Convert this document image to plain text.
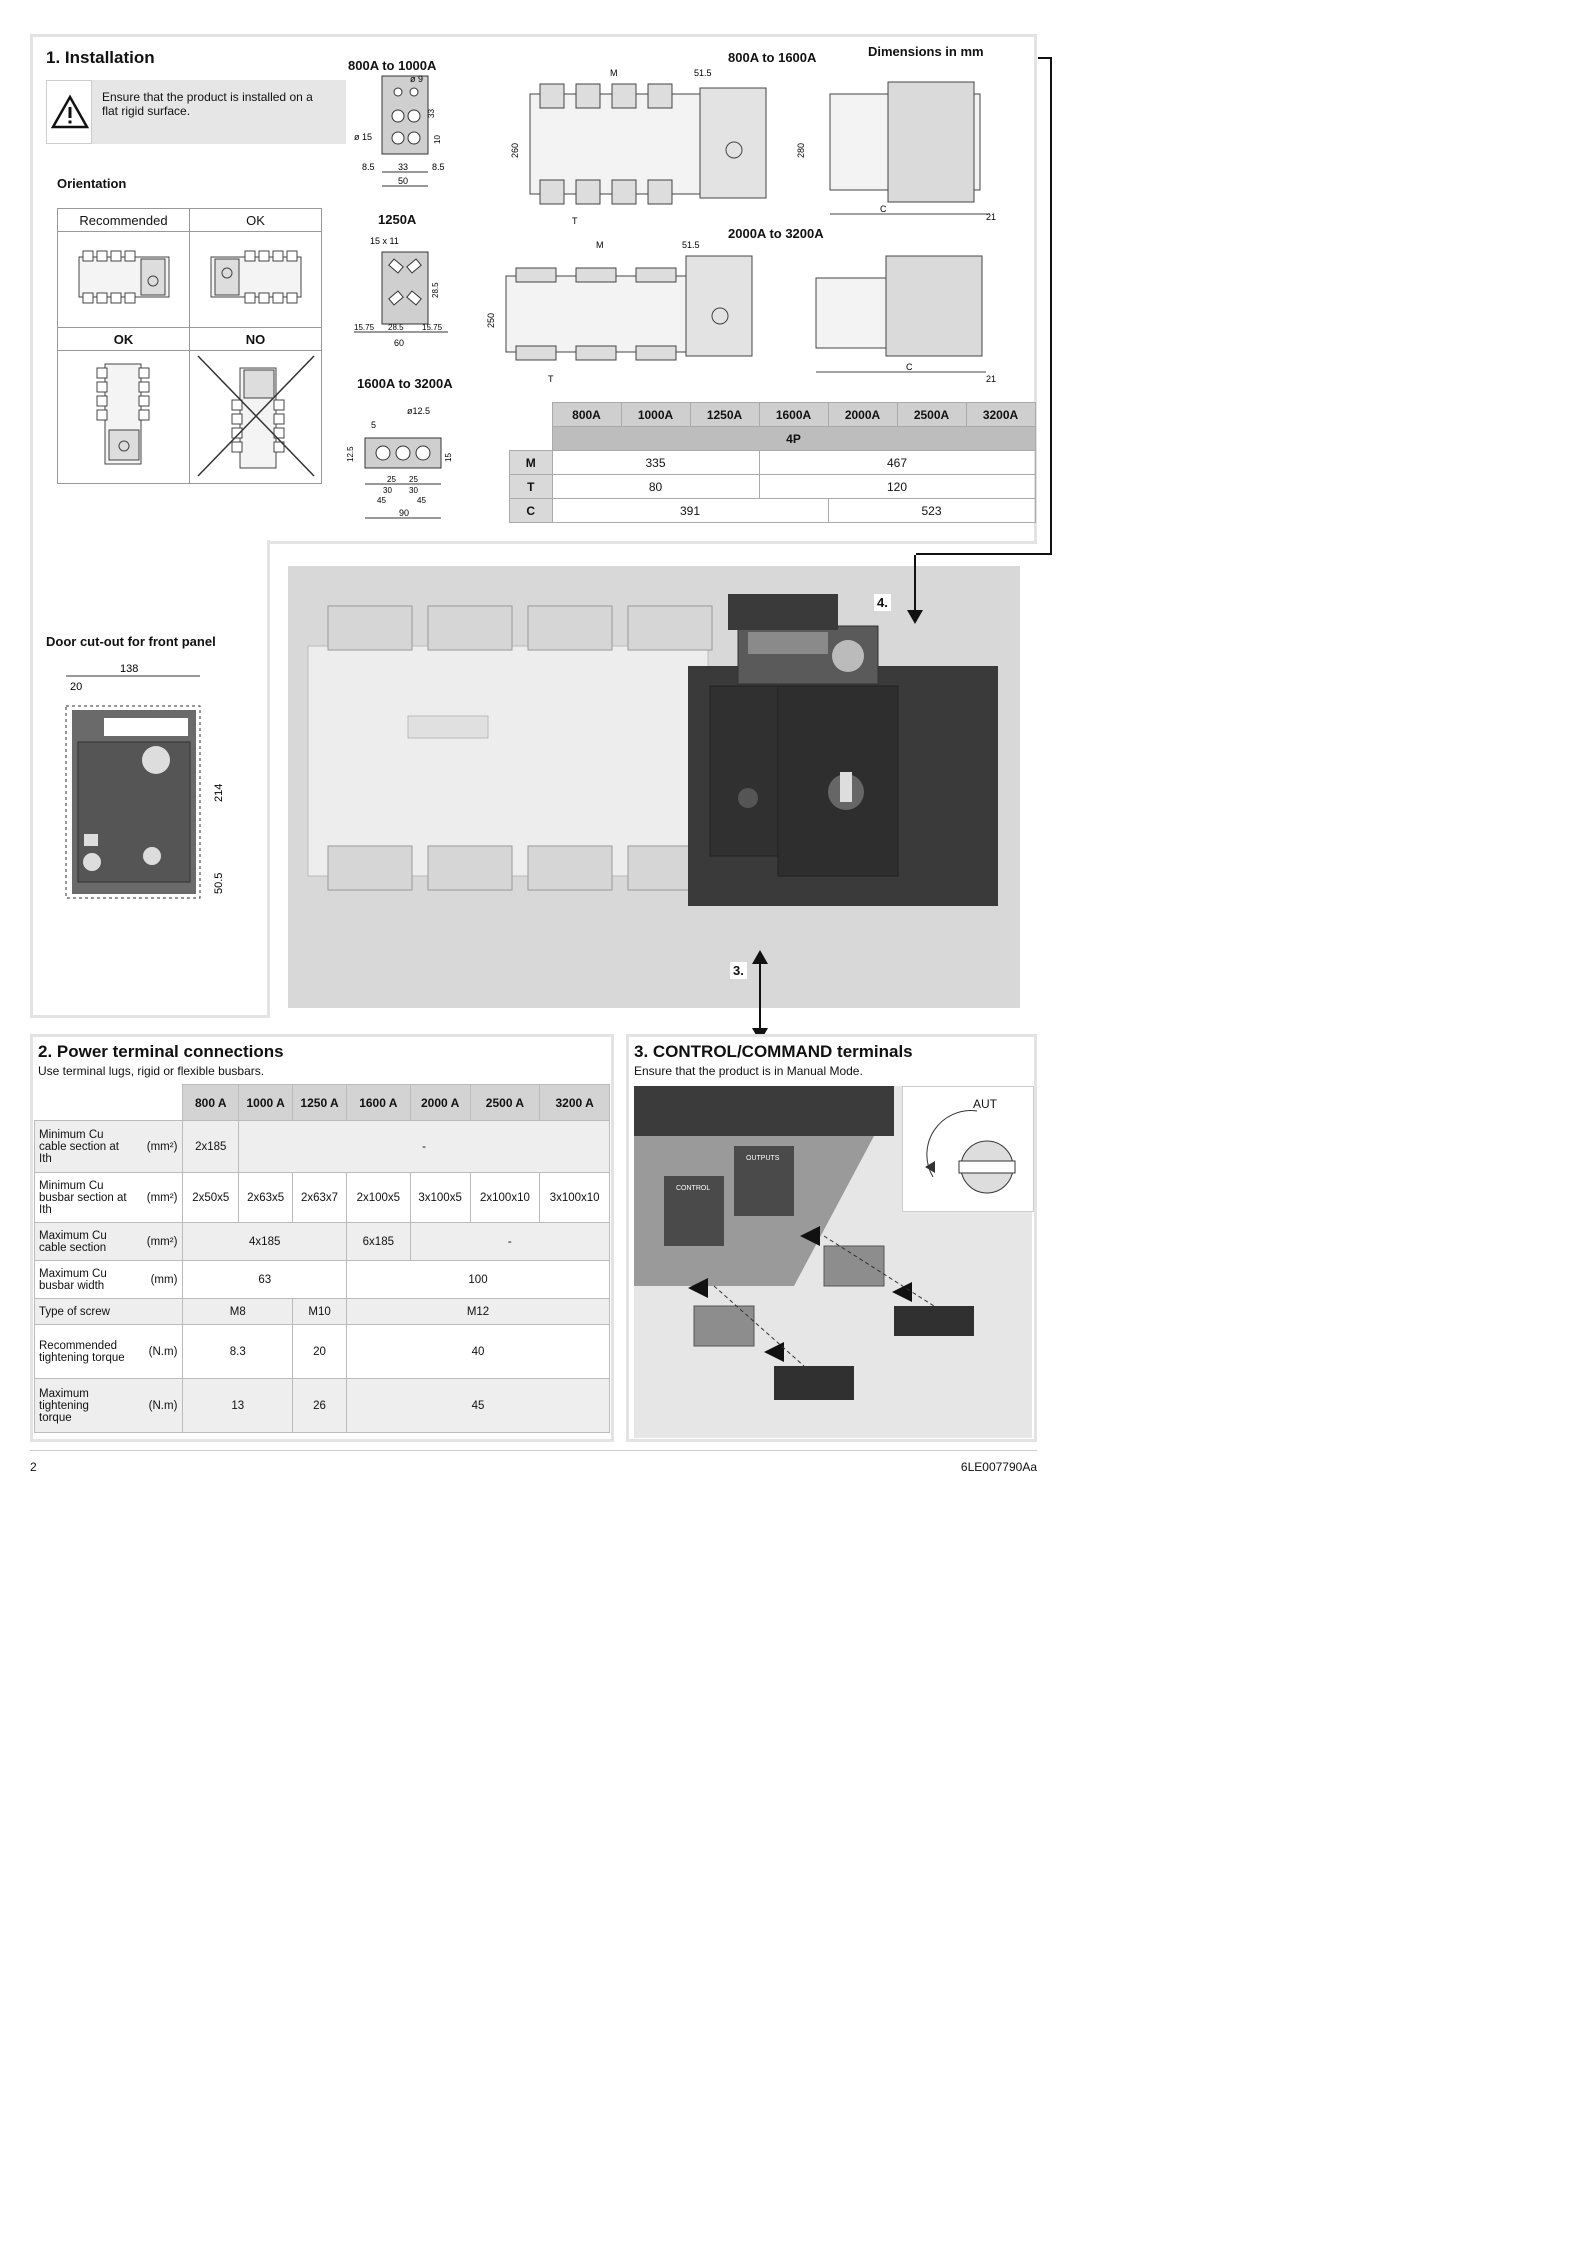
1. Installation
Ensure that the product is installed on a flat rigid surface.
Orientation
Recommended	OK

OK	NO

800A to 1000A
ø 9
ø 15
33
10
8.5	33	8.5
50
1250A
15 x 11
28.5
15.75 28.5 15.75
60
1600A to 3200A
ø12.5
5
12.5	15
25 25
30 30
45	45
90
800A to 1600A	Dimensions in mm
M	51.5
260	280
T
C
21
2000A to 3200A
M	51.5
250
T
C
21
	800A	1000A	1250A	1600A	2000A	2500A	3200A
	4P						
M	335			467			
T	80			120			
C	391				523		
Door cut-out for front panel
138
20
214
50.5
4.
3.
2. Power terminal connections
Use terminal lugs, rigid or flexible busbars.
	800 A	1000 A	1250 A	1600 A	2000 A	2500 A	3200 A
Minimum Cu cable section at Ith
(mm²)	2x185	-					
Minimum Cu busbar section at Ith
(mm²)	2x50x5	2x63x5	2x63x7	2x100x5	3x100x5	2x100x10	3x100x10
Maximum Cu cable section (mm²)	4x185			6x185	-		
Maximum Cu busbar width (mm)	63			100			
Type of screw	M8		M10	M12			
Recommended tightening torque (N.m)	8.3		20	40			
Maximum tightening torque
(N.m)	13		26	45			
3. CONTROL/COMMAND terminals
Ensure that the product is in Manual Mode.
OUTPUTS
CONTROL
AUT
2	6LE007790Aa
